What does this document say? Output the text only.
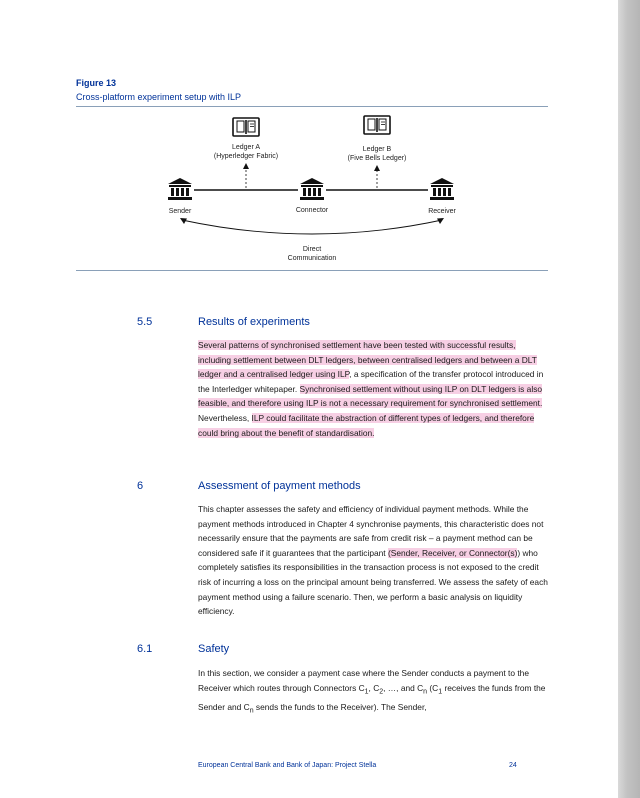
Figure 13
Cross-platform experiment setup with ILP
Ledger A
(Hyperledger Fabric)
Ledger B
(Five Bells Ledger)
Sender	Connector	Receiver
Direct
Communication
5.5	Results of experiments
Several patterns of synchronised settlement have been tested with successful results, including settlement between DLT ledgers, between centralised ledgers and between a DLT ledger and a centralised ledger using ILP, a specification of the transfer protocol introduced in the Interledger whitepaper. Synchronised settlement without using ILP on DLT ledgers is also feasible, and therefore using ILP is not a necessary requirement for synchronised settlement. Nevertheless, ILP could facilitate the abstraction of different types of ledgers, and therefore could bring about the benefit of standardisation.
6	Assessment of payment methods
This chapter assesses the safety and efficiency of individual payment methods. While the payment methods introduced in Chapter 4 synchronise payments, this characteristic does not necessarily ensure that the payments are safe from credit risk – a payment method can be considered safe if it guarantees that the participant (Sender, Receiver, or Connector(s)) who completely satisfies its responsibilities in the transaction process is not exposed to the credit risk of incurring a loss on the principal amount being transferred. We assess the safety of each payment method using a failure scenario. Then, we perform a basic analysis on liquidity efficiency.
6.1	Safety
In this section, we consider a payment case where the Sender conducts a payment to the Receiver which routes through Connectors $C_1$, $C_2$, …, and $C_n$ ($C_1$ receives the funds from the Sender and $C_n$ sends the funds to the Receiver). The Sender,
European Central Bank and Bank of Japan: Project Stella	24
